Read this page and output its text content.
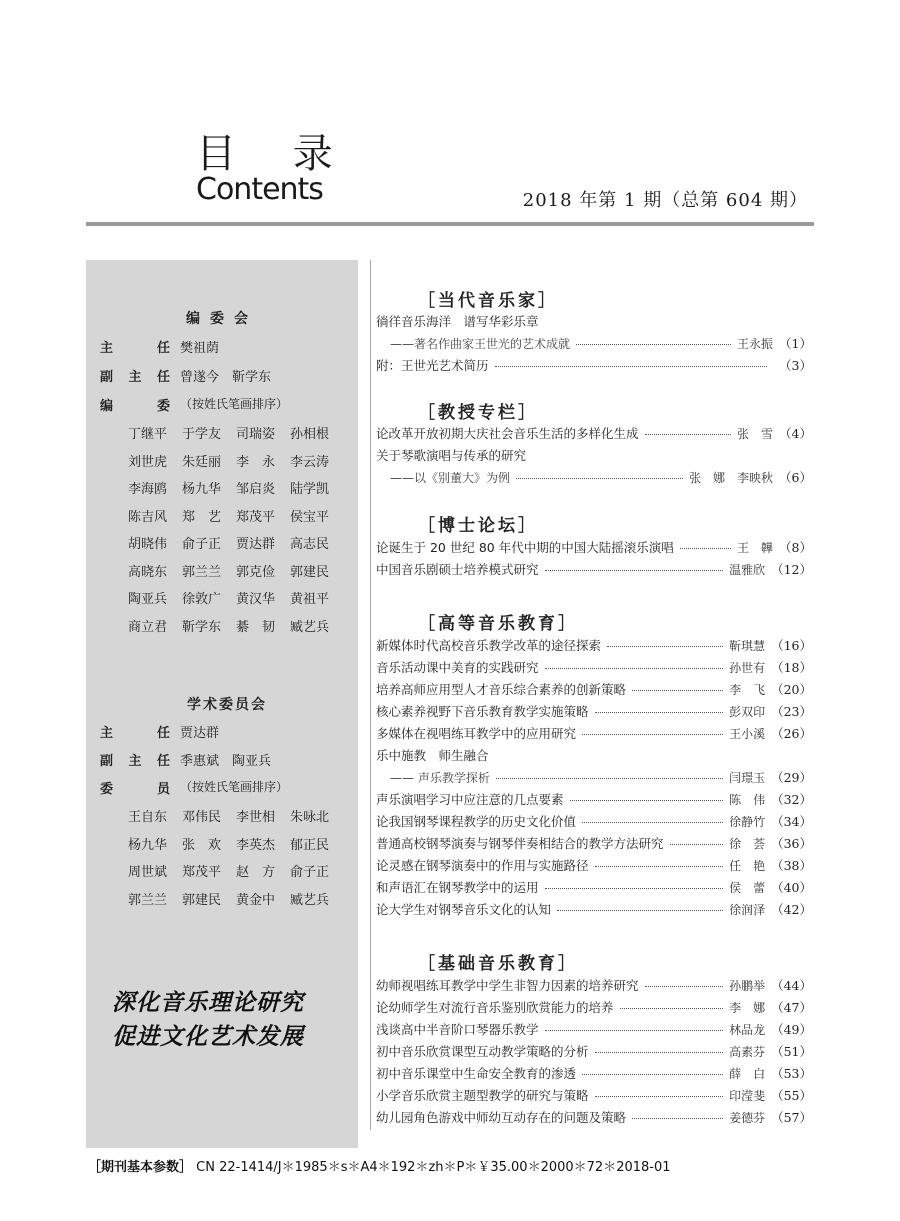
目 录
Contents	2018 年第 1 期（总第 604 期）
编委会
主	任 樊祖荫
副 主 任 曾遂今　靳学东
编	委 （按姓氏笔画排序）
丁继平	于学友	司瑞姿	孙相根
刘世虎	朱廷丽	李　永	李云涛
李海鸥	杨九华	邹启炎	陆学凯
陈吉风	郑　艺	郑茂平	侯宝平
胡晓伟	俞子正	贾达群	高志民
高晓东	郭兰兰	郭克俭	郭建民
陶亚兵	徐敦广	黄汉华	黄祖平
商立君	靳学东	綦　韧	臧艺兵
学术委员会
主	任 贾达群
副 主 任 季惠斌　陶亚兵
委	员 （按姓氏笔画排序）
王自东	邓伟民	李世相	朱咏北
杨九华	张　欢	李英杰	郁正民
周世斌	郑茂平	赵　方	俞子正
郭兰兰	郭建民	黄金中	臧艺兵
深化音乐理论研究
促进文化艺术发展
［当代音乐家］
徜徉音乐海洋　谱写华彩乐章
——著名作曲家王世光的艺术成就	王永振 （1）
附：王世光艺术简历	（3）
［教授专栏］
论改革开放初期大庆社会音乐生活的多样化生成	张　雪 （4）
关于琴歌演唱与传承的研究
——以《别董大》为例	张　娜　李映秋 （6）
［博士论坛］
论诞生于 20 世纪 80 年代中期的中国大陆摇滚乐演唱	王　韡 （8）
中国音乐剧硕士培养模式研究	温雅欣 （12）
［高等音乐教育］
新媒体时代高校音乐教学改革的途径探索	靳琪慧 （16）
音乐活动课中美育的实践研究	孙世有 （18）
培养高师应用型人才音乐综合素养的创新策略	李　飞 （20）
核心素养视野下音乐教育教学实施策略	彭双印 （23）
多媒体在视唱练耳教学中的应用研究	王小溪 （26）
乐中施教　师生融合
—— 声乐教学探析	闫璟玉 （29）
声乐演唱学习中应注意的几点要素	陈　伟 （32）
论我国钢琴课程教学的历史文化价值	徐静竹 （34）
普通高校钢琴演奏与钢琴伴奏相结合的教学方法研究	徐　荟 （36）
论灵感在钢琴演奏中的作用与实施路径	任　艳 （38）
和声语汇在钢琴教学中的运用	侯　蕾 （40）
论大学生对钢琴音乐文化的认知	徐润泽 （42）
［基础音乐教育］
幼师视唱练耳教学中学生非智力因素的培养研究	孙鹏举 （44）
论幼师学生对流行音乐鉴别欣赏能力的培养	李　娜 （47）
浅谈高中半音阶口琴器乐教学	林品龙 （49）
初中音乐欣赏课型互动教学策略的分析	高素芬 （51）
初中音乐课堂中生命安全教育的渗透	薛　白 （53）
小学音乐欣赏主题型教学的研究与策略	印滢斐 （55）
幼儿园角色游戏中师幼互动存在的问题及策略	姜德芬 （57）
［期刊基本参数］ CN 22-1414/J＊1985＊s＊A4＊192＊zh＊P＊￥35.00＊2000＊72＊2018-01
